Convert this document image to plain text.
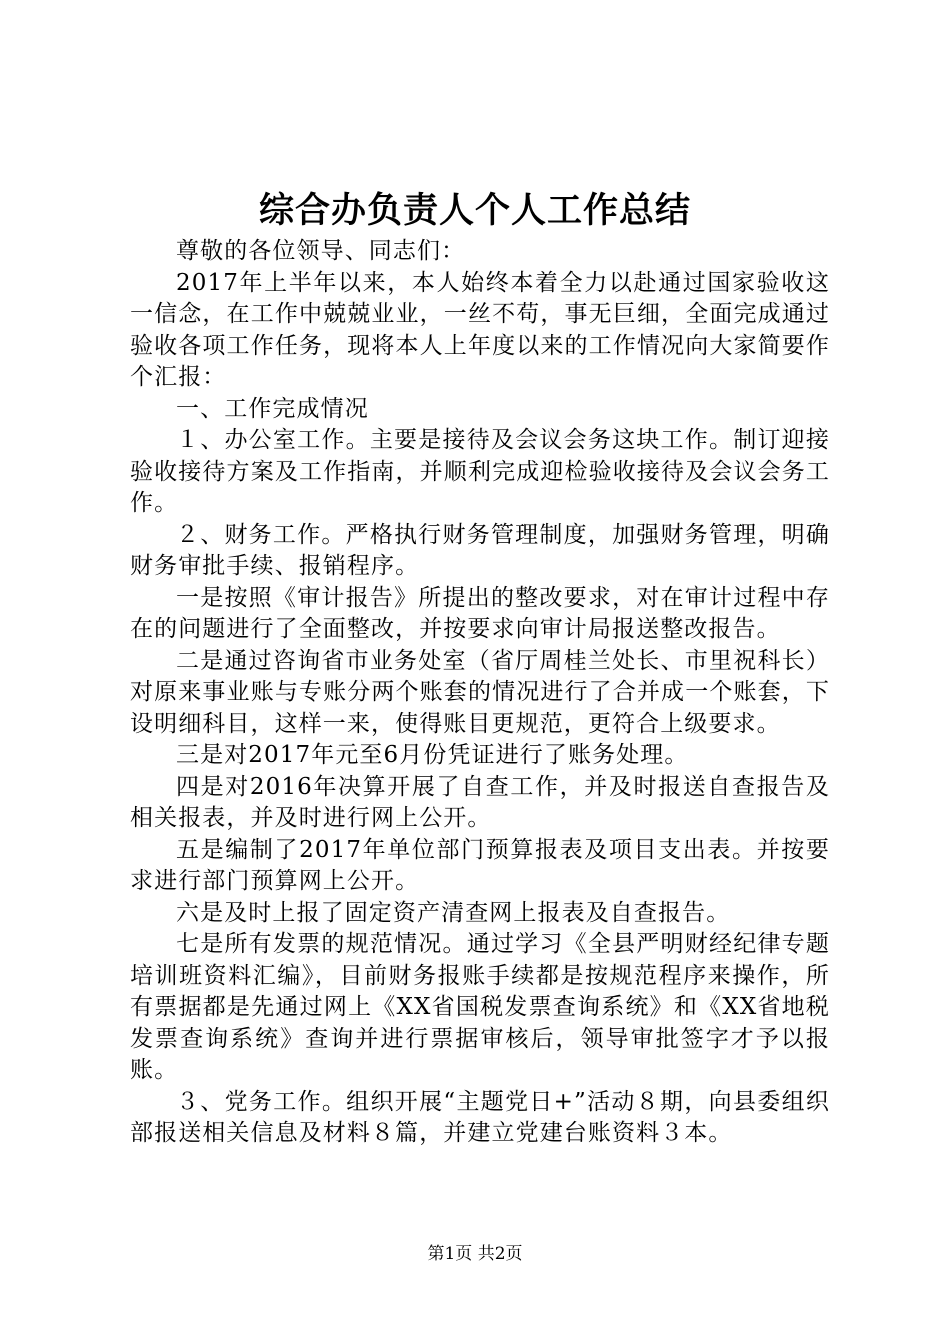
综合办负责人个人工作总结

尊敬的各位领导、同志们：

2017年上半年以来，本人始终本着全力以赴通过国家验收这一信念，在工作中兢兢业业，一丝不苟，事无巨细，全面完成通过验收各项工作任务，现将本人上年度以来的工作情况向大家简要作个汇报：

一、工作完成情况

１、办公室工作。主要是接待及会议会务这块工作。制订迎接验收接待方案及工作指南，并顺利完成迎检验收接待及会议会务工作。

２、财务工作。严格执行财务管理制度，加强财务管理，明确财务审批手续、报销程序。

一是按照《审计报告》所提出的整改要求，对在审计过程中存在的问题进行了全面整改，并按要求向审计局报送整改报告。

二是通过咨询省市业务处室（省厅周桂兰处长、市里祝科长）对原来事业账与专账分两个账套的情况进行了合并成一个账套，下设明细科目，这样一来，使得账目更规范，更符合上级要求。

三是对2017年元至6月份凭证进行了账务处理。

四是对2016年决算开展了自查工作，并及时报送自查报告及相关报表，并及时进行网上公开。

五是编制了2017年单位部门预算报表及项目支出表。并按要求进行部门预算网上公开。

六是及时上报了固定资产清查网上报表及自查报告。

七是所有发票的规范情况。通过学习《全县严明财经纪律专题培训班资料汇编》，目前财务报账手续都是按规范程序来操作，所有票据都是先通过网上《XX省国税发票查询系统》和《XX省地税发票查询系统》查询并进行票据审核后，领导审批签字才予以报账。

３、党务工作。组织开展“主题党日+”活动８期，向县委组织部报送相关信息及材料８篇，并建立党建台账资料３本。

第1页 共2页
